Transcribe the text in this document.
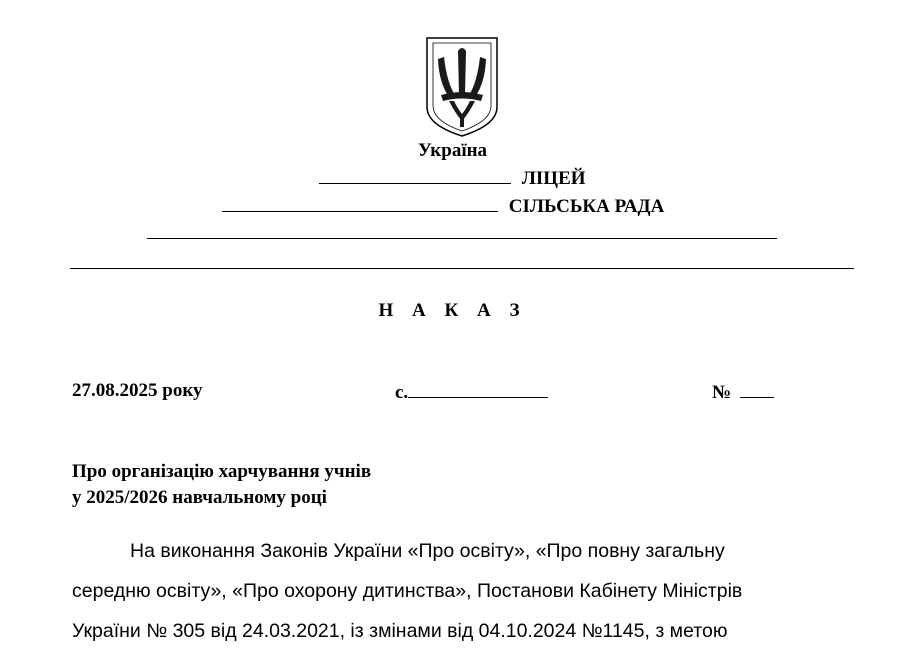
Україна
ЛІЦЕЙ
СІЛЬСЬКА РАДА
Н А К А З
27.08.2025 року	с.	№
Про організацію харчування учнів
у 2025/2026 навчальному році
На виконання Законів України «Про освіту», «Про повну загальну
середню освіту», «Про охорону дитинства», Постанови Кабінету Міністрів
України № 305 від 24.03.2021, із змінами від 04.10.2024 №1145, з метою
